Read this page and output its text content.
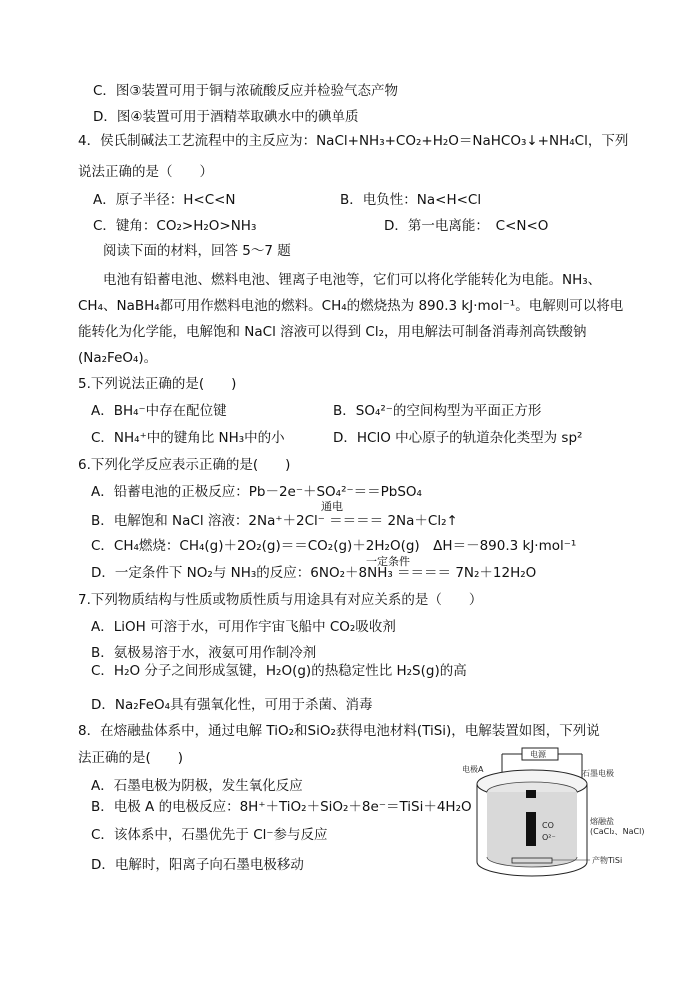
C．图③装置可用于铜与浓硫酸反应并检验气态产物
D．图④装置可用于酒精萃取碘水中的碘单质
4．侯氏制碱法工艺流程中的主反应为：NaCl+NH₃+CO₂+H₂O＝NaHCO₃↓+NH₄Cl，下列
说法正确的是（　　）
A．原子半径：H<C<N	B．电负性：Na<H<Cl
C．键角：CO₂>H₂O>NH₃	D．第一电离能：　C<N<O
阅读下面的材料，回答 5～7 题
电池有铅蓄电池、燃料电池、锂离子电池等，它们可以将化学能转化为电能。NH₃、
CH₄、NaBH₄都可用作燃料电池的燃料。CH₄的燃烧热为 890.3 kJ·mol⁻¹。电解则可以将电
能转化为化学能，电解饱和 NaCl 溶液可以得到 Cl₂，用电解法可制备消毒剂高铁酸钠
(Na₂FeO₄)。
5.下列说法正确的是(　　)
A．BH₄⁻中存在配位键	B．SO₄²⁻的空间构型为平面正方形
C．NH₄⁺中的键角比 NH₃中的小	D．HClO 中心原子的轨道杂化类型为 sp²
6.下列化学反应表示正确的是(　　)
A．铅蓄电池的正极反应：Pb－2e⁻＋SO₄²⁻＝＝PbSO₄
通电
B．电解饱和 NaCl 溶液：2Na⁺＋2Cl⁻ ＝＝＝＝ 2Na＋Cl₂↑
C．CH₄燃烧：CH₄(g)＋2O₂(g)＝＝CO₂(g)＋2H₂O(g)　ΔH＝－890.3 kJ·mol⁻¹
一定条件
D．一定条件下 NO₂与 NH₃的反应：6NO₂＋8NH₃ ＝＝＝＝ 7N₂＋12H₂O
7.下列物质结构与性质或物质性质与用途具有对应关系的是（　　）
A．LiOH 可溶于水，可用作宇宙飞船中 CO₂吸收剂
B．氨极易溶于水，液氨可用作制冷剂
C．H₂O 分子之间形成氢键，H₂O(g)的热稳定性比 H₂S(g)的高
D．Na₂FeO₄具有强氧化性，可用于杀菌、消毒
8．在熔融盐体系中，通过电解 TiO₂和SiO₂获得电池材料(TiSi)，电解装置如图，下列说
法正确的是(　　)
A．石墨电极为阴极，发生氧化反应
B．电极 A 的电极反应：8H⁺＋TiO₂＋SiO₂＋8e⁻＝TiSi＋4H₂O
C．该体系中，石墨优先于 Cl⁻参与反应
D．电解时，阳离子向石墨电极移动
电源
电极A	石墨电极
CO
O²⁻
熔融盐
(CaCl₂、NaCl)
产物TiSi
